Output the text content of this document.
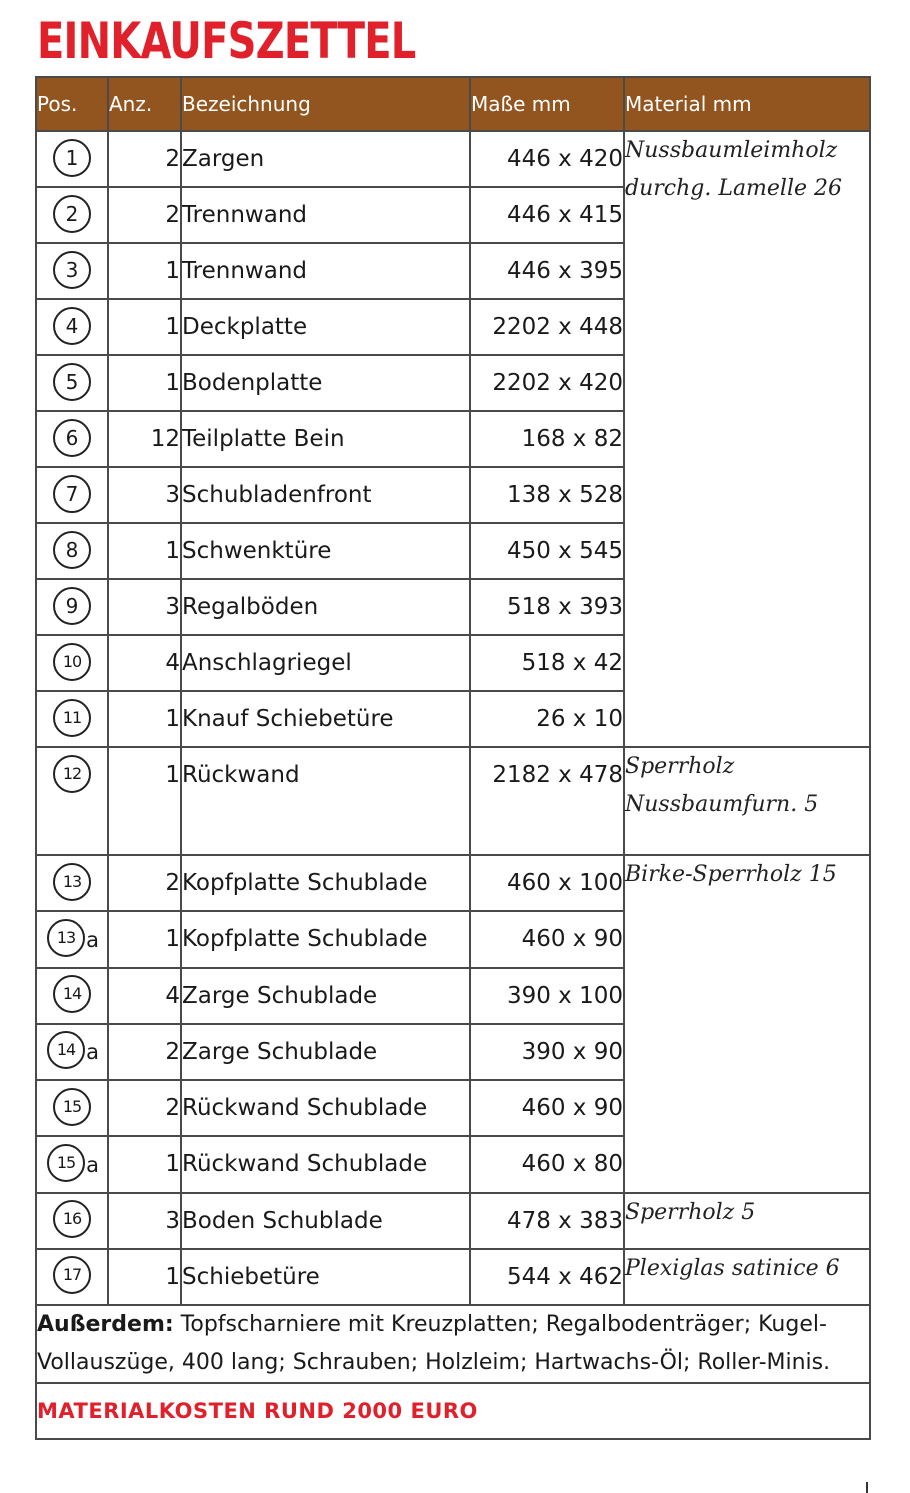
EINKAUFSZETTEL
Pos.	Anz.	Bezeichnung	Maße mm	Material mm
1	2	Zargen	446 x 420	Nussbaumleimholz
durchg. Lamelle 26
2	2	Trennwand	446 x 415	
3	1	Trennwand	446 x 395	
4	1	Deckplatte	2202 x 448	
5	1	Bodenplatte	2202 x 420	
6	12	Teilplatte Bein	168 x 82	
7	3	Schubladenfront	138 x 528	
8	1	Schwenktüre	450 x 545	
9	3	Regalböden	518 x 393	
10	4	Anschlagriegel	518 x 42	
11	1	Knauf Schiebetüre	26 x 10	
12	1	Rückwand	2182 x 478	Sperrholz
Nussbaumfurn. 5
13	2	Kopfplatte Schublade	460 x 100	Birke-Sperrholz 15
13 a	1	Kopfplatte Schublade	460 x 90	
14	4	Zarge Schublade	390 x 100	
14 a	2	Zarge Schublade	390 x 90	
15	2	Rückwand Schublade	460 x 90	
15 a	1	Rückwand Schublade	460 x 80	
16	3	Boden Schublade	478 x 383	Sperrholz 5
17	1	Schiebetüre	544 x 462	Plexiglas satinice 6
Außerdem: Topfscharniere mit Kreuzplatten; Regalbodenträger; Kugel-Vollauszüge, 400 lang; Schrauben; Holzleim; Hartwachs-Öl; Roller-Minis.				
MATERIALKOSTEN RUND 2000 EURO				
